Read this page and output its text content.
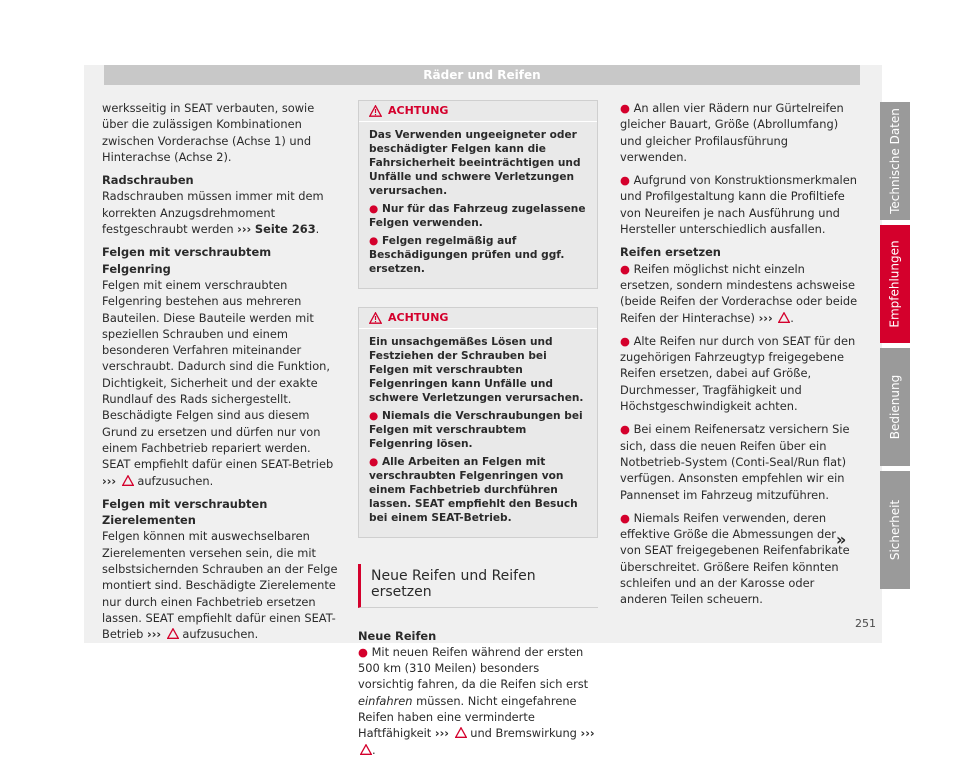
Räder und Reifen

werksseitig in SEAT verbauten, sowie über die zulässigen Kombinationen zwischen Vorderachse (Achse 1) und Hinterachse (Achse 2).

Radschrauben

Radschrauben müssen immer mit dem korrekten Anzugsdrehmoment festgeschraubt werden ››› Seite 263.

Felgen mit verschraubtem Felgenring

Felgen mit einem verschraubten Felgenring bestehen aus mehreren Bauteilen. Diese Bauteile werden mit speziellen Schrauben und einem besonderen Verfahren miteinander verschraubt. Dadurch sind die Funktion, Dichtigkeit, Sicherheit und der exakte Rundlauf des Rads sichergestellt. Beschädigte Felgen sind aus diesem Grund zu ersetzen und dürfen nur von einem Fachbetrieb repariert werden. SEAT empfiehlt dafür einen SEAT-Betrieb ››› aufzusuchen.

Felgen mit verschraubten Zierelementen

Felgen können mit auswechselbaren Zierelementen versehen sein, die mit selbstsichernden Schrauben an der Felge montiert sind. Beschädigte Zierelemente nur durch einen Fachbetrieb ersetzen lassen. SEAT empfiehlt dafür einen SEAT-Betrieb ››› aufzusuchen.

ACHTUNG

Das Verwenden ungeeigneter oder beschädigter Felgen kann die Fahrsicherheit beeinträchtigen und Unfälle und schwere Verletzungen verursachen.

● Nur für das Fahrzeug zugelassene Felgen verwenden.

● Felgen regelmäßig auf Beschädigungen prüfen und ggf. ersetzen.

ACHTUNG

Ein unsachgemäßes Lösen und Festziehen der Schrauben bei Felgen mit verschraubten Felgenringen kann Unfälle und schwere Verletzungen verursachen.

● Niemals die Verschraubungen bei Felgen mit verschraubtem Felgenring lösen.

● Alle Arbeiten an Felgen mit verschraubten Felgenringen von einem Fachbetrieb durchführen lassen. SEAT empfiehlt den Besuch bei einem SEAT-Betrieb.

Neue Reifen und Reifen ersetzen

Neue Reifen

● Mit neuen Reifen während der ersten 500 km (310 Meilen) besonders vorsichtig fahren, da die Reifen sich erst einfahren müssen. Nicht eingefahrene Reifen haben eine verminderte Haftfähigkeit ››› und Bremswirkung ››› .

● An allen vier Rädern nur Gürtelreifen gleicher Bauart, Größe (Abrollumfang) und gleicher Profilausführung verwenden.

● Aufgrund von Konstruktionsmerkmalen und Profilgestaltung kann die Profiltiefe von Neureifen je nach Ausführung und Hersteller unterschiedlich ausfallen.

Reifen ersetzen

● Reifen möglichst nicht einzeln ersetzen, sondern mindestens achsweise (beide Reifen der Vorderachse oder beide Reifen der Hinterachse) ››› .

● Alte Reifen nur durch von SEAT für den zugehörigen Fahrzeugtyp freigegebene Reifen ersetzen, dabei auf Größe, Durchmesser, Tragfähigkeit und Höchstgeschwindigkeit achten.

● Bei einem Reifenersatz versichern Sie sich, dass die neuen Reifen über ein Notbetrieb-System (Conti-Seal/Run flat) verfügen. Ansonsten empfehlen wir ein Pannenset im Fahrzeug mitzuführen.

● Niemals Reifen verwenden, deren effektive Größe die Abmessungen der von SEAT freigegebenen Reifenfabrikate überschreitet. Größere Reifen könnten schleifen und an der Karosse oder anderen Teilen scheuern.

»
Technische Daten
Empfehlungen
Bedienung
Sicherheit
251
